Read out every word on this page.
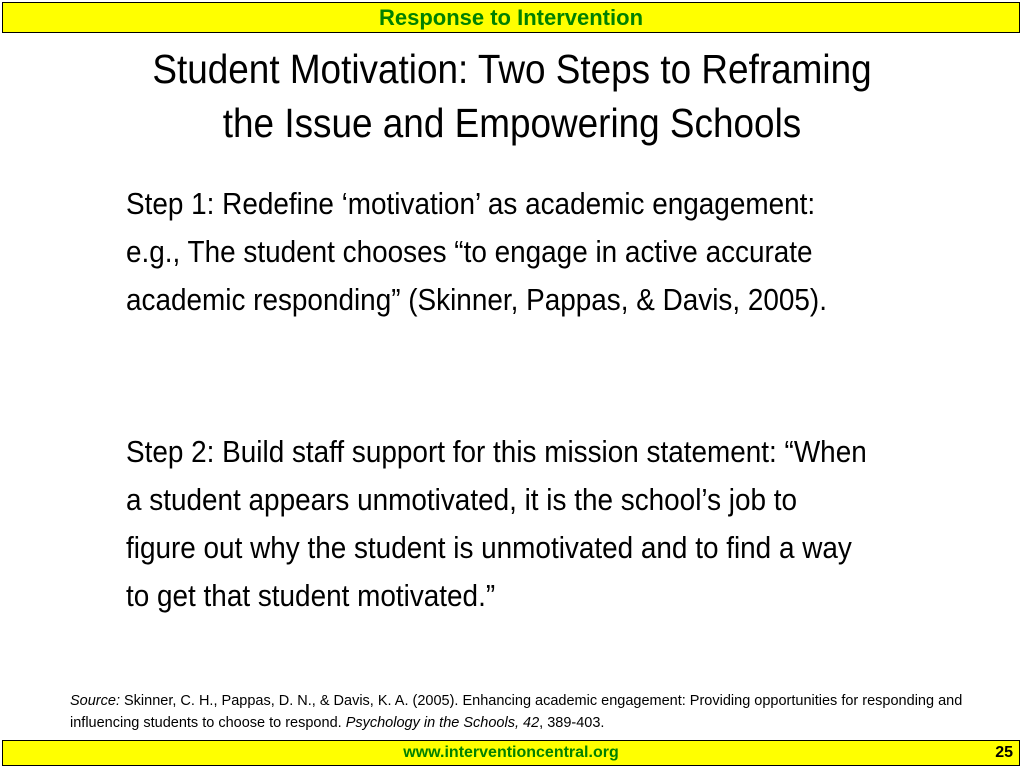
Response to Intervention
Student Motivation: Two Steps to Reframing
the Issue and Empowering Schools
Step 1: Redefine ‘motivation’ as academic engagement: e.g., The student chooses “to engage in active accurate academic responding” (Skinner, Pappas, & Davis, 2005).
Step 2: Build staff support for this mission statement: “When a student appears unmotivated, it is the school’s job to figure out why the student is unmotivated and to find a way to get that student motivated.”
Source: Skinner, C. H., Pappas, D. N., & Davis, K. A. (2005). Enhancing academic engagement: Providing opportunities for responding and influencing students to choose to respond. Psychology in the Schools, 42, 389-403.
www.interventioncentral.org	25
